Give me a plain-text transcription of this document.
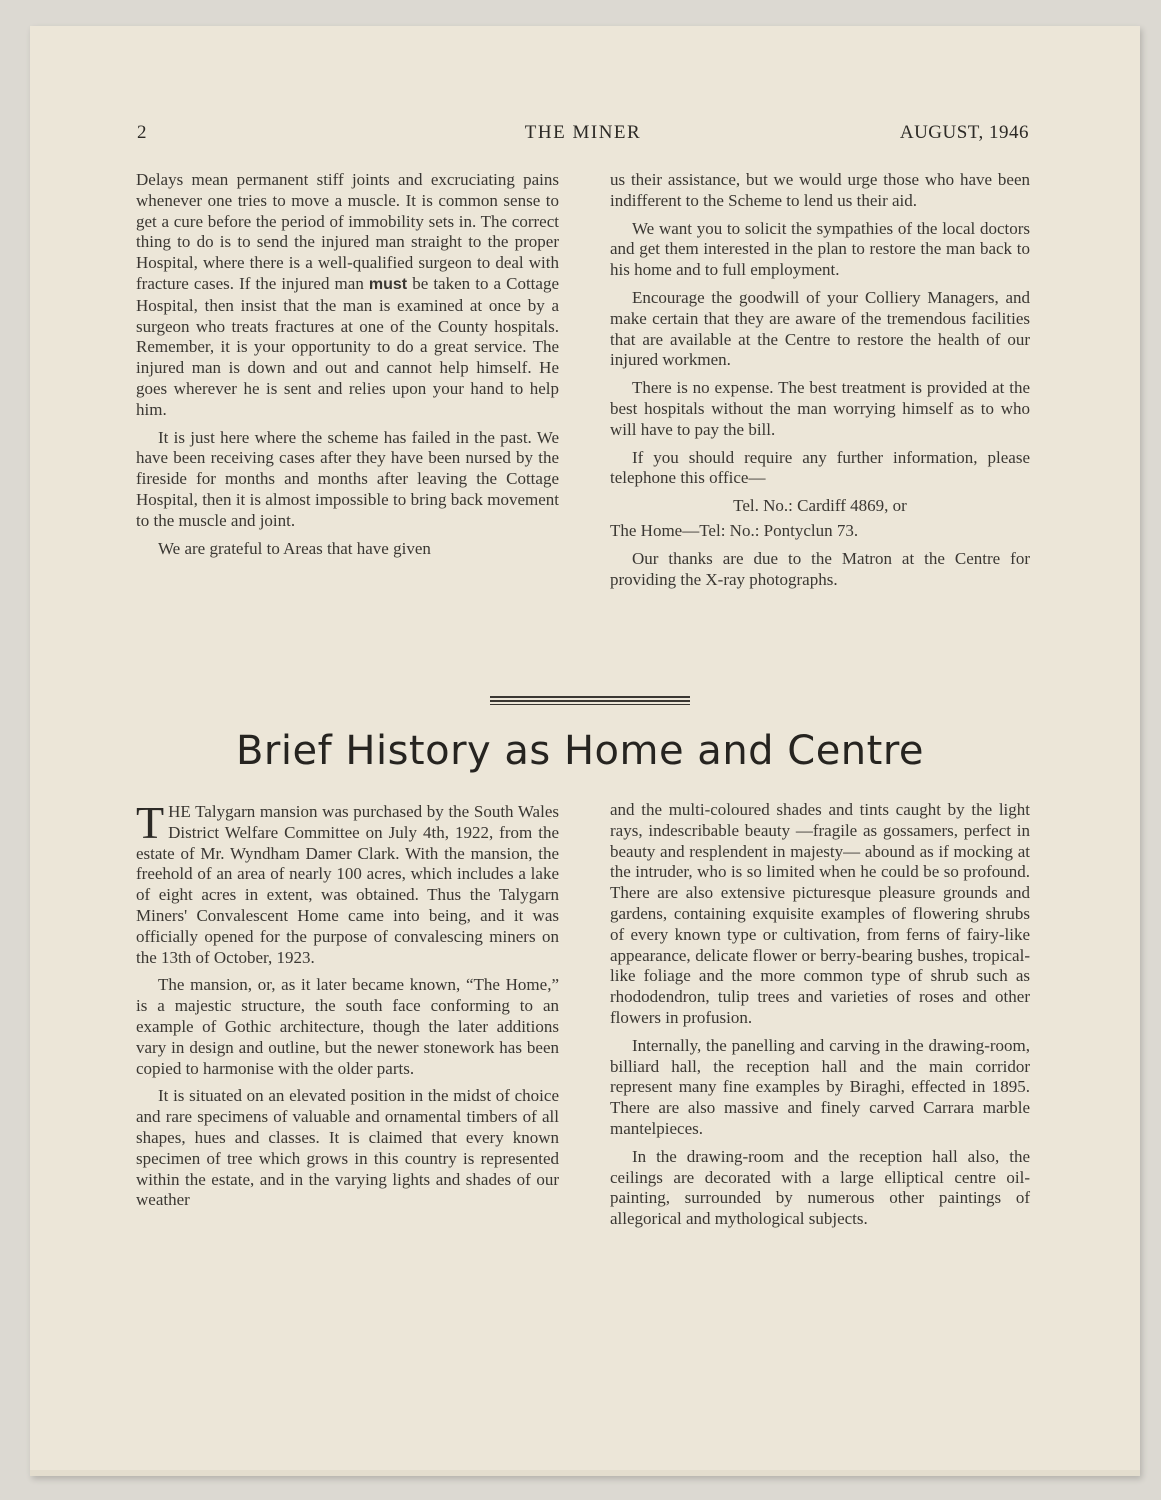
2	THE MINER	AUGUST, 1946

Delays mean permanent stiff joints and excruciating pains whenever one tries to move a muscle. It is common sense to get a cure before the period of immobility sets in. The correct thing to do is to send the injured man straight to the proper Hospital, where there is a well-qualified surgeon to deal with fracture cases. If the injured man must be taken to a Cottage Hospital, then insist that the man is examined at once by a surgeon who treats fractures at one of the County hospitals. Remember, it is your opportunity to do a great service. The injured man is down and out and cannot help himself. He goes wherever he is sent and relies upon your hand to help him.

It is just here where the scheme has failed in the past. We have been receiving cases after they have been nursed by the fireside for months and months after leaving the Cottage Hospital, then it is almost impossible to bring back movement to the muscle and joint.

We are grateful to Areas that have given

us their assistance, but we would urge those who have been indifferent to the Scheme to lend us their aid.

We want you to solicit the sympathies of the local doctors and get them interested in the plan to restore the man back to his home and to full employment.

Encourage the goodwill of your Colliery Managers, and make certain that they are aware of the tremendous facilities that are available at the Centre to restore the health of our injured workmen.

There is no expense. The best treatment is provided at the best hospitals without the man worrying himself as to who will have to pay the bill.

If you should require any further information, please telephone this office—

Tel. No.: Cardiff 4869, or

The Home—Tel: No.: Pontyclun 73.

Our thanks are due to the Matron at the Centre for providing the X-ray photographs.

Brief History as Home and Centre

THE Talygarn mansion was purchased by the South Wales District Welfare Committee on July 4th, 1922, from the estate of Mr. Wyndham Damer Clark. With the mansion, the freehold of an area of nearly 100 acres, which includes a lake of eight acres in extent, was obtained. Thus the Talygarn Miners' Convalescent Home came into being, and it was officially opened for the purpose of convalescing miners on the 13th of October, 1923.

The mansion, or, as it later became known, “The Home,” is a majestic structure, the south face conforming to an example of Gothic architecture, though the later additions vary in design and outline, but the newer stonework has been copied to harmonise with the older parts.

It is situated on an elevated position in the midst of choice and rare specimens of valuable and ornamental timbers of all shapes, hues and classes. It is claimed that every known specimen of tree which grows in this country is represented within the estate, and in the varying lights and shades of our weather

and the multi-coloured shades and tints caught by the light rays, indescribable beauty —fragile as gossamers, perfect in beauty and resplendent in majesty— abound as if mocking at the intruder, who is so limited when he could be so profound. There are also extensive picturesque pleasure grounds and gardens, containing exquisite examples of flowering shrubs of every known type or cultivation, from ferns of fairy-like appearance, delicate flower or berry-bearing bushes, tropical-like foliage and the more common type of shrub such as rhododendron, tulip trees and varieties of roses and other flowers in profusion.

Internally, the panelling and carving in the drawing-room, billiard hall, the reception hall and the main corridor represent many fine examples by Biraghi, effected in 1895. There are also massive and finely carved Carrara marble mantelpieces.

In the drawing-room and the reception hall also, the ceilings are decorated with a large elliptical centre oil-painting, surrounded by numerous other paintings of allegorical and mythological subjects.
